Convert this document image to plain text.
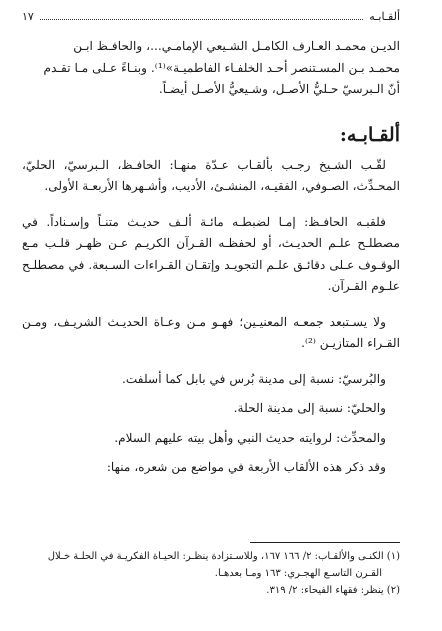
ألقـابـه
١٧

الديـن محمـد العـارف الكامـل الشـيعي الإمامـي...، والحافـظ ابـن

محمـد بـن المسـتنصر أحـد الخلفـاء الفاطميـة»⁽¹⁾. وبنـاءً عـلى مـا تقـدم

أنّ الـبرسيّ حـليُّ الأصـل، وشـيعيُّ الأصـل أيضـاً.

ألقـابـه:

لقّـب الشـيخ رجـب بألقـاب عـدّة منهـا: الحافـظ، الـبرسيّ، الحليّ، المحـدِّث، الصـوفي، الفقيـه، المنشـئ، الأديب، وأشـهرها الأربعـة الأولى.

فلقبـه الحافـظ: إمـا لضبطـه مائـة ألـف حديـث متنـاً وإسـناداً. في مصطلـح علـم الحديـث، أو لحفظـه القـرآن الكريـم عـن ظهـر قلـب مـع الوقـوف عـلى دقائـق علـم التجويـد وإتقـان القـراءات السـبعة. في مصطلـح علـوم القـرآن.

ولا يسـتبعد جمعـه المعنيـين؛ فهـو مـن وعـاة الحديـث الشريـف، ومـن القـراء المتازيـن ⁽²⁾.

والبُرسيّ: نسبة إلى مدينة بُرس في بابل كما أسلفت.

والحليّ: نسبة إلى مدينة الحلة.

والمحدِّث: لروايته حديث النبي وأهل بيته عليهم السلام.

وقد ذكر هذه الألقاب الأربعة في مواضع من شعره، منها:

(١) الكنـى والألقـاب: ٢/ ١٦٦ ١٦٧، وللاسـتزادة ينظـر: الحيـاة الفكريـة في الحلـة خـلال

القـرن التاسـع الهجـري: ١٦٣ ومـا بعدهـا.

(٢) ينظر: فقهاء الفيحاء: ٢/ ٣١٩.
